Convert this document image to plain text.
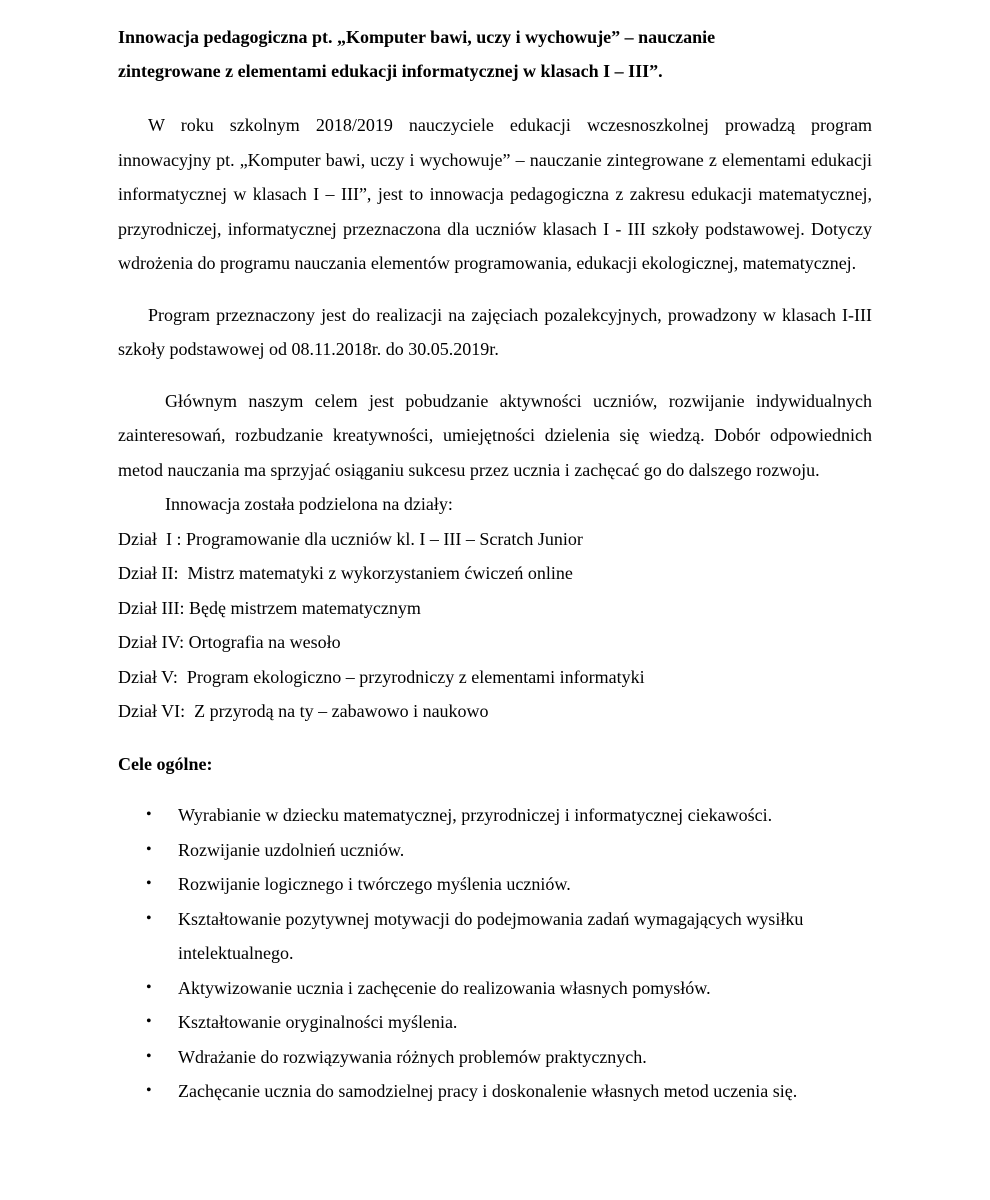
Innowacja pedagogiczna pt. „Komputer bawi, uczy i wychowuje” – nauczanie

zintegrowane z elementami edukacji informatycznej w klasach I – III”.

W roku szkolnym 2018/2019 nauczyciele edukacji wczesnoszkolnej prowadzą program innowacyjny pt. „Komputer bawi, uczy i wychowuje” – nauczanie zintegrowane z elementami edukacji informatycznej w klasach I – III”, jest to innowacja pedagogiczna z zakresu edukacji matematycznej, przyrodniczej, informatycznej przeznaczona dla uczniów klasach I - III szkoły podstawowej. Dotyczy wdrożenia do programu nauczania elementów programowania, edukacji ekologicznej, matematycznej.

Program przeznaczony jest do realizacji na zajęciach pozalekcyjnych, prowadzony w klasach I-III szkoły podstawowej od 08.11.2018r. do 30.05.2019r.

Głównym naszym celem jest pobudzanie aktywności uczniów, rozwijanie indywidualnych zainteresowań, rozbudzanie kreatywności, umiejętności dzielenia się wiedzą. Dobór odpowiednich metod nauczania ma sprzyjać osiąganiu sukcesu przez ucznia i zachęcać go do dalszego rozwoju.

Innowacja została podzielona na działy:

Dział  I : Programowanie dla uczniów kl. I – III – Scratch Junior

Dział II:  Mistrz matematyki z wykorzystaniem ćwiczeń online

Dział III: Będę mistrzem matematycznym

Dział IV: Ortografia na wesoło

Dział V:  Program ekologiczno – przyrodniczy z elementami informatyki

Dział VI:  Z przyrodą na ty – zabawowo i naukowo

Cele ogólne:

• Wyrabianie w dziecku matematycznej, przyrodniczej i informatycznej ciekawości.
• Rozwijanie uzdolnień uczniów.
• Rozwijanie logicznego i twórczego myślenia uczniów.
• Kształtowanie pozytywnej motywacji do podejmowania zadań wymagających wysiłku intelektualnego.
• Aktywizowanie ucznia i zachęcenie do realizowania własnych pomysłów.
• Kształtowanie oryginalności myślenia.
• Wdrażanie do rozwiązywania różnych problemów praktycznych.
• Zachęcanie ucznia do samodzielnej pracy i doskonalenie własnych metod uczenia się.
